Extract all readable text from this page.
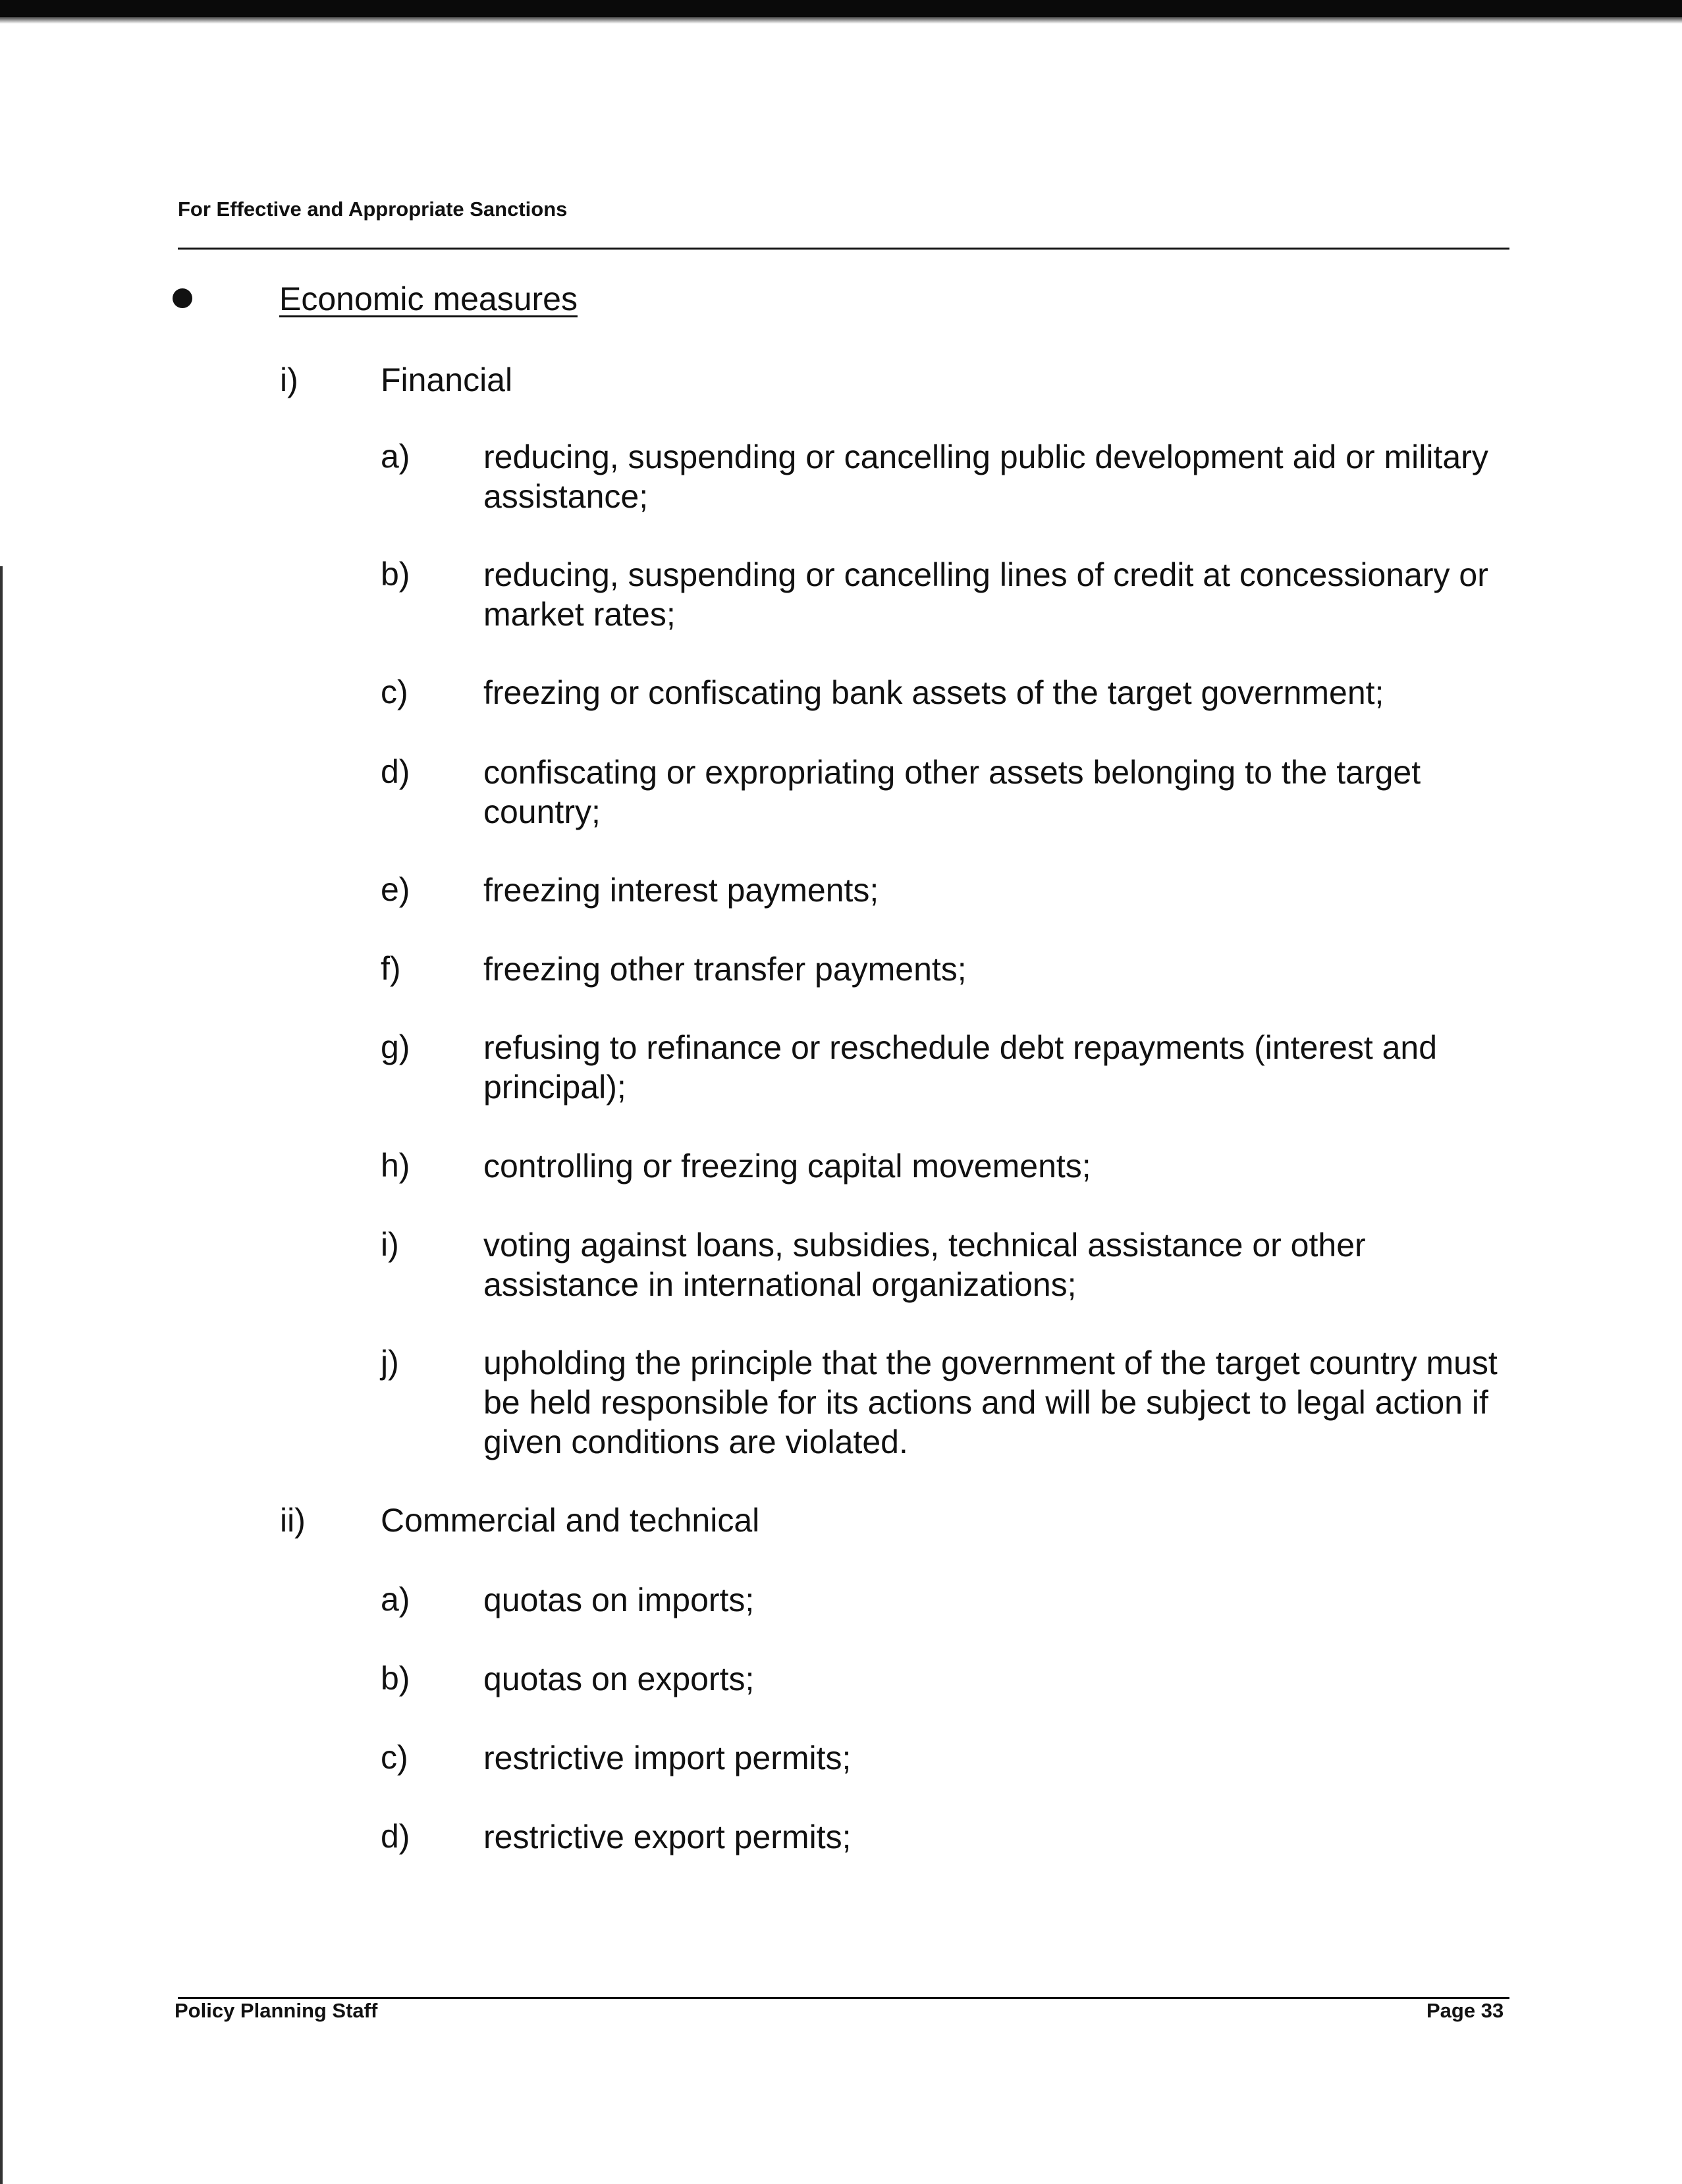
For Effective and Appropriate Sanctions
Economic measures
i)	Financial
a) reducing, suspending or cancelling public development aid or military assistance;
b) reducing, suspending or cancelling lines of credit at concessionary or market rates;
c) freezing or confiscating bank assets of the target government;
d) confiscating or expropriating other assets belonging to the target country;
e) freezing interest payments;
f)	freezing other transfer payments;
g) refusing to refinance or reschedule debt repayments (interest and principal);
h) controlling or freezing capital movements;
i)	voting against loans, subsidies, technical assistance or other assistance in international organizations;
j)	upholding the principle that the government of the target country must be held responsible for its actions and will be subject to legal action if given conditions are violated.
ii) Commercial and technical
a) quotas on imports;
b) quotas on exports;
c) restrictive import permits;
d) restrictive export permits;
Policy Planning Staff	Page 33
